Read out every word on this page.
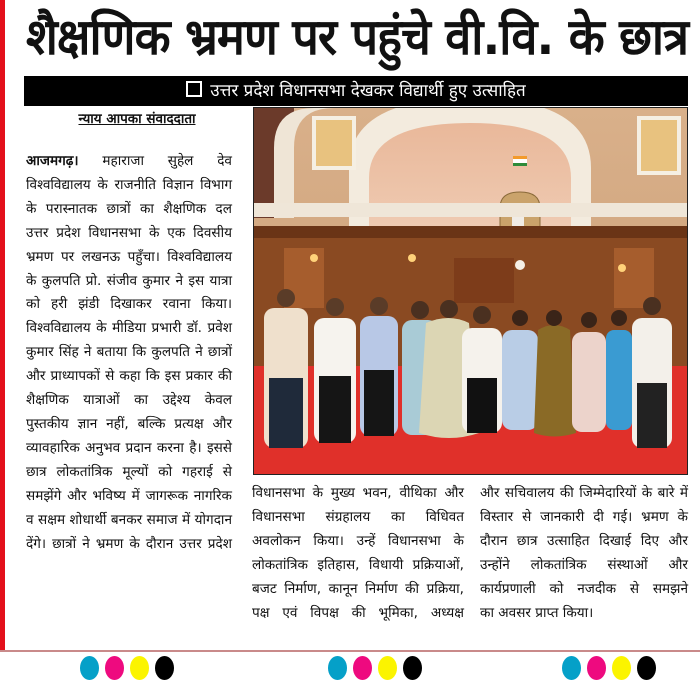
शैक्षणिक भ्रमण पर पहुंचे वी.वि. के छात्र
उत्तर प्रदेश विधानसभा देखकर विद्यार्थी हुए उत्साहित
न्याय आपका संवाददाता

आजमगढ़। महाराजा सुहेल देव विश्वविद्यालय के राजनीति विज्ञान विभाग के परास्नातक छात्रों का शैक्षणिक दल उत्तर प्रदेश विधानसभा के एक दिवसीय भ्रमण पर लखनऊ पहुँचा। विश्वविद्यालय के कुलपति प्रो. संजीव कुमार ने इस यात्रा को हरी झंडी दिखाकर रवाना किया। विश्वविद्यालय के मीडिया प्रभारी डॉ. प्रवेश कुमार सिंह ने बताया कि कुलपति ने छात्रों और प्राध्यापकों से कहा कि इस प्रकार की शैक्षणिक यात्राओं का उद्देश्य केवल पुस्तकीय ज्ञान नहीं, बल्कि प्रत्यक्ष और व्यावहारिक अनुभव प्रदान करना है। इससे छात्र लोकतांत्रिक मूल्यों को गहराई से समझेंगे और भविष्य में जागरूक नागरिक व सक्षम शोधार्थी बनकर समाज में योगदान देंगे। छात्रों ने भ्रमण के दौरान उत्तर प्रदेश

विधानसभा के मुख्य भवन, वीथिका और विधानसभा संग्रहालय का विधिवत अवलोकन किया। उन्हें विधानसभा के लोकतांत्रिक इतिहास, विधायी प्रक्रियाओं, बजट निर्माण, कानून निर्माण की प्रक्रिया, पक्ष एवं विपक्ष की भूमिका, अध्यक्ष

और सचिवालय की जिम्मेदारियों के बारे में विस्तार से जानकारी दी गई। भ्रमण के दौरान छात्र उत्साहित दिखाई दिए और उन्होंने लोकतांत्रिक संस्थाओं और कार्यप्रणाली को नजदीक से समझने

का अवसर प्राप्त किया।
